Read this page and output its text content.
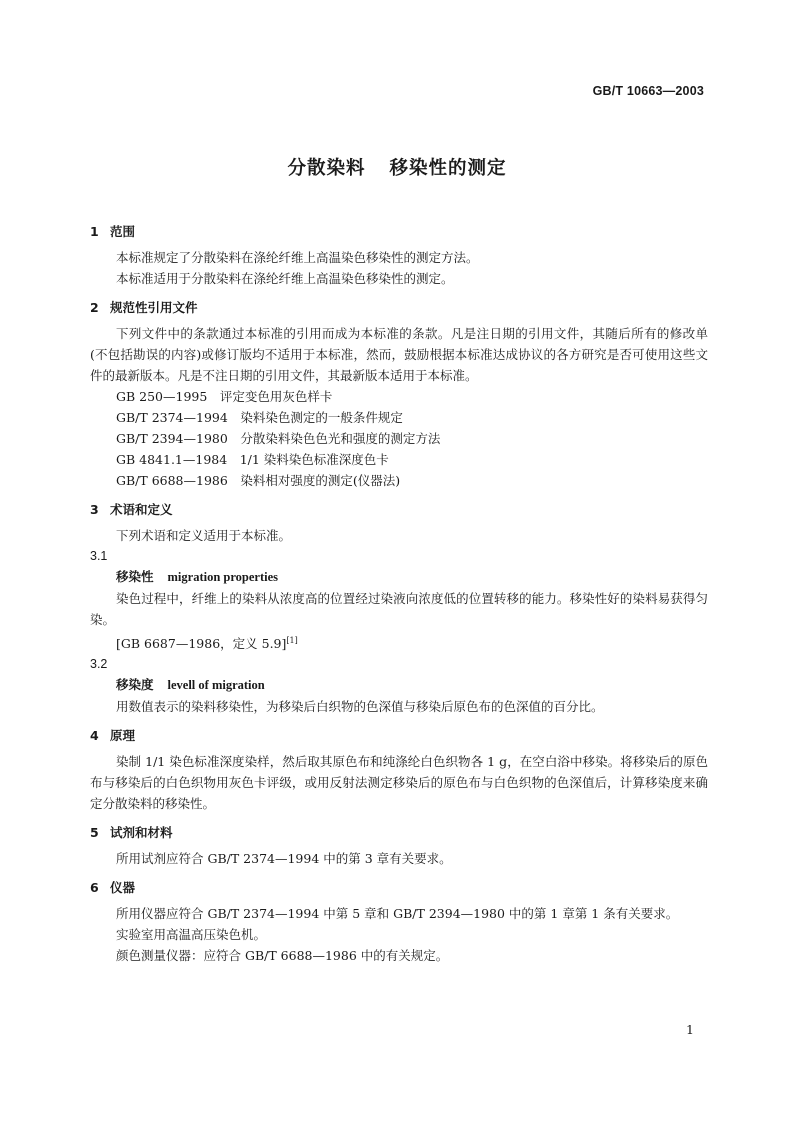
GB/T 10663—2003
分散染料 移染性的测定
1 范围

本标准规定了分散染料在涤纶纤维上高温染色移染性的测定方法。

本标准适用于分散染料在涤纶纤维上高温染色移染性的测定。

2 规范性引用文件

下列文件中的条款通过本标准的引用而成为本标准的条款。凡是注日期的引用文件，其随后所有的修改单(不包括勘误的内容)或修订版均不适用于本标准，然而，鼓励根据本标准达成协议的各方研究是否可使用这些文件的最新版本。凡是不注日期的引用文件，其最新版本适用于本标准。

GB 250—1995　评定变色用灰色样卡

GB/T 2374—1994　染料染色测定的一般条件规定

GB/T 2394—1980　分散染料染色色光和强度的测定方法

GB 4841.1—1984　1/1 染料染色标准深度色卡

GB/T 6688—1986　染料相对强度的测定(仪器法)

3 术语和定义

下列术语和定义适用于本标准。

3.1
移染性 migration properties

染色过程中，纤维上的染料从浓度高的位置经过染液向浓度低的位置转移的能力。移染性好的染料易获得匀染。

[GB 6687—1986，定义 5.9][1]

3.2
移染度 levell of migration

用数值表示的染料移染性，为移染后白织物的色深值与移染后原色布的色深值的百分比。

4 原理

染制 1/1 染色标准深度染样，然后取其原色布和纯涤纶白色织物各 1 g，在空白浴中移染。将移染后的原色布与移染后的白色织物用灰色卡评级，或用反射法测定移染后的原色布与白色织物的色深值后，计算移染度来确定分散染料的移染性。

5 试剂和材料

所用试剂应符合 GB/T 2374—1994 中的第 3 章有关要求。

6 仪器

所用仪器应符合 GB/T 2374—1994 中第 5 章和 GB/T 2394—1980 中的第 1 章第 1 条有关要求。

实验室用高温高压染色机。

颜色测量仪器：应符合 GB/T 6688—1986 中的有关规定。

1
